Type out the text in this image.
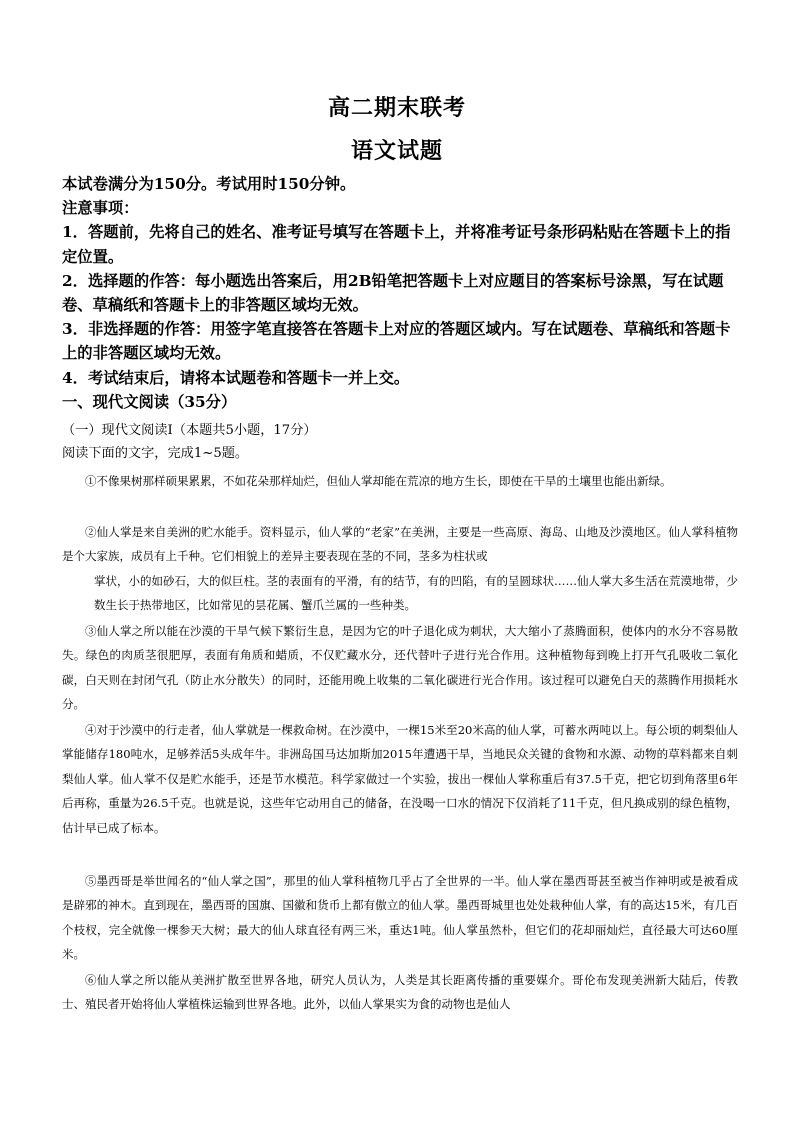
高二期末联考
语文试题

本试卷满分为150分。考试用时150分钟。

注意事项：

1．答题前，先将自己的姓名、准考证号填写在答题卡上，并将准考证号条形码粘贴在答题卡上的指定位置。

2．选择题的作答：每小题选出答案后，用2B铅笔把答题卡上对应题目的答案标号涂黑，写在试题卷、草稿纸和答题卡上的非答题区域均无效。

3．非选择题的作答：用签字笔直接答在答题卡上对应的答题区域内。写在试题卷、草稿纸和答题卡上的非答题区域均无效。

4．考试结束后，请将本试题卷和答题卡一并上交。

一、现代文阅读（35分）

（一）现代文阅读Ⅰ（本题共5小题，17分）
阅读下面的文字，完成1~5题。
①不像果树那样硕果累累，不如花朵那样灿烂，但仙人掌却能在荒凉的地方生长，即使在干旱的土壤里也能出新绿。
②仙人掌是来自美洲的贮水能手。资料显示，仙人掌的“老家”在美洲，主要是一些高原、海岛、山地及沙漠地区。仙人掌科植物是个大家族，成员有上千种。它们相貌上的差异主要表现在茎的不同，茎多为柱状或
掌状，小的如砂石，大的似巨柱。茎的表面有的平滑，有的结节，有的凹陷，有的呈圆球状……仙人掌大多生活在荒漠地带，少数生长于热带地区，比如常见的昙花属、蟹爪兰属的一些种类。
③仙人掌之所以能在沙漠的干旱气候下繁衍生息，是因为它的叶子退化成为刺状，大大缩小了蒸腾面积，使体内的水分不容易散失。绿色的肉质茎很肥厚，表面有角质和蜡质，不仅贮藏水分，还代替叶子进行光合作用。这种植物每到晚上打开气孔吸收二氧化碳，白天则在封闭气孔（防止水分散失）的同时，还能用晚上收集的二氧化碳进行光合作用。该过程可以避免白天的蒸腾作用损耗水分。
④对于沙漠中的行走者，仙人掌就是一棵救命树。在沙漠中，一棵15米至20米高的仙人掌，可蓄水两吨以上。每公顷的刺梨仙人掌能储存180吨水，足够养活5头成年牛。非洲岛国马达加斯加2015年遭遇干旱，当地民众关键的食物和水源、动物的草料都来自刺梨仙人掌。仙人掌不仅是贮水能手，还是节水模范。科学家做过一个实验，拔出一棵仙人掌称重后有37.5千克，把它切到角落里6年后再称，重量为26.5千克。也就是说，这些年它动用自己的储备，在没喝一口水的情况下仅消耗了11千克，但凡换成别的绿色植物，估计早已成了标本。
⑤墨西哥是举世闻名的“仙人掌之国”，那里的仙人掌科植物几乎占了全世界的一半。仙人掌在墨西哥甚至被当作神明或是被看成是辟邪的神木。直到现在，墨西哥的国旗、国徽和货币上都有傲立的仙人掌。墨西哥城里也处处栽种仙人掌，有的高达15米，有几百个枝杈，完全就像一棵参天大树；最大的仙人球直径有两三米，重达1吨。仙人掌虽然朴，但它们的花却丽灿烂，直径最大可达60厘米。
⑥仙人掌之所以能从美洲扩散至世界各地，研究人员认为，人类是其长距离传播的重要媒介。哥伦布发现美洲新大陆后，传教士、殖民者开始将仙人掌植株运输到世界各地。此外，以仙人掌果实为食的动物也是仙人
